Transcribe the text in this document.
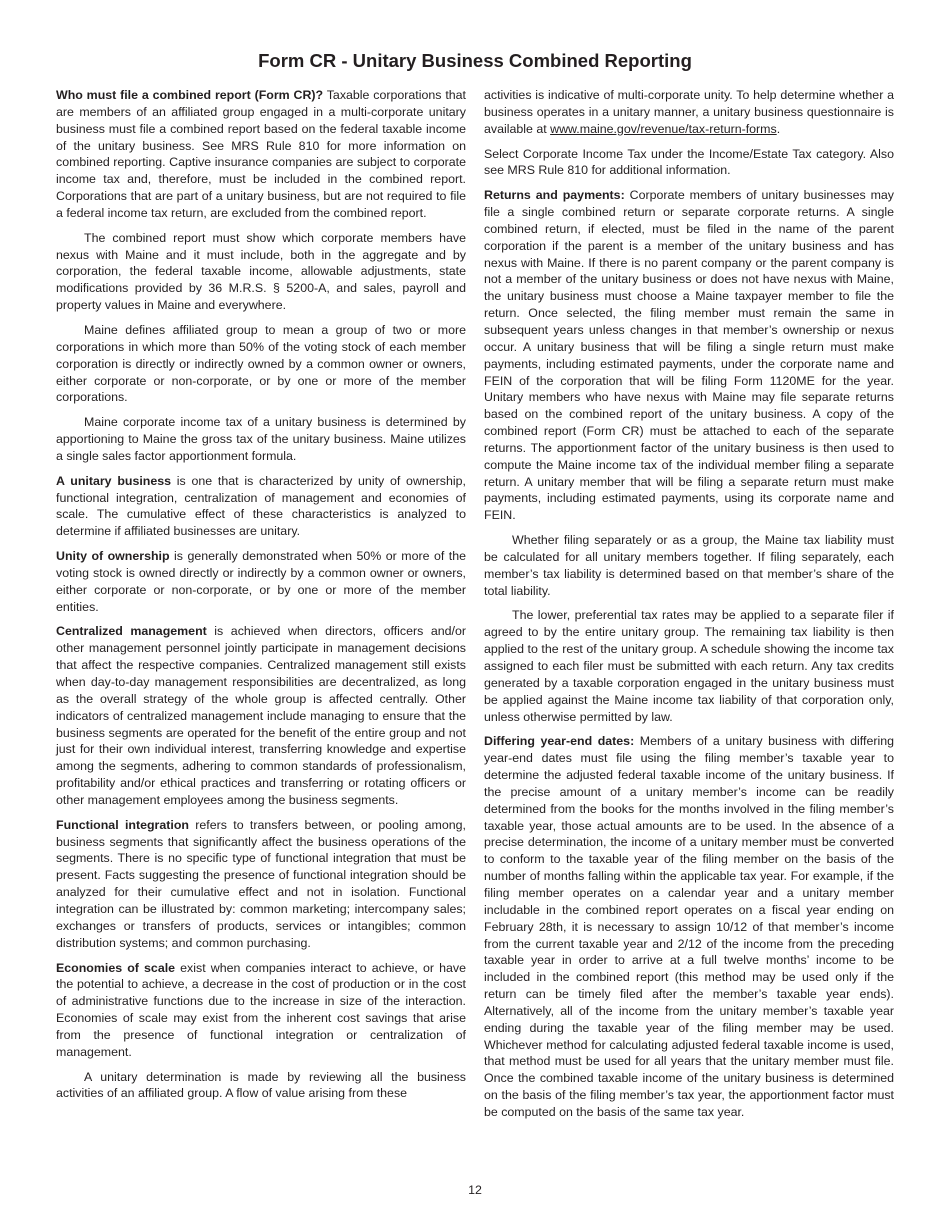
Form CR - Unitary Business Combined Reporting

Who must file a combined report (Form CR)? Taxable corporations that are members of an affiliated group engaged in a multi-corporate unitary business must file a combined report based on the federal taxable income of the unitary business. See MRS Rule 810 for more information on combined reporting. Captive insurance companies are subject to corporate income tax and, therefore, must be included in the combined report. Corporations that are part of a unitary business, but are not required to file a federal income tax return, are excluded from the combined report.

The combined report must show which corporate members have nexus with Maine and it must include, both in the aggregate and by corporation, the federal taxable income, allowable adjustments, state modifications provided by 36 M.R.S. § 5200-A, and sales, payroll and property values in Maine and everywhere.

Maine defines affiliated group to mean a group of two or more corporations in which more than 50% of the voting stock of each member corporation is directly or indirectly owned by a common owner or owners, either corporate or non-corporate, or by one or more of the member corporations.

Maine corporate income tax of a unitary business is determined by apportioning to Maine the gross tax of the unitary business. Maine utilizes a single sales factor apportionment formula.

A unitary business is one that is characterized by unity of ownership, functional integration, centralization of management and economies of scale. The cumulative effect of these characteristics is analyzed to determine if affiliated businesses are unitary.

Unity of ownership is generally demonstrated when 50% or more of the voting stock is owned directly or indirectly by a common owner or owners, either corporate or non-corporate, or by one or more of the member entities.

Centralized management is achieved when directors, officers and/or other management personnel jointly participate in management decisions that affect the respective companies. Centralized management still exists when day-to-day management responsibilities are decentralized, as long as the overall strategy of the whole group is affected centrally. Other indicators of centralized management include managing to ensure that the business segments are operated for the benefit of the entire group and not just for their own individual interest, transferring knowledge and expertise among the segments, adhering to common standards of professionalism, profitability and/or ethical practices and transferring or rotating officers or other management employees among the business segments.

Functional integration refers to transfers between, or pooling among, business segments that significantly affect the business operations of the segments. There is no specific type of functional integration that must be present. Facts suggesting the presence of functional integration should be analyzed for their cumulative effect and not in isolation. Functional integration can be illustrated by: common marketing; intercompany sales; exchanges or transfers of products, services or intangibles; common distribution systems; and common purchasing.

Economies of scale exist when companies interact to achieve, or have the potential to achieve, a decrease in the cost of production or in the cost of administrative functions due to the increase in size of the interaction. Economies of scale may exist from the inherent cost savings that arise from the presence of functional integration or centralization of management.

A unitary determination is made by reviewing all the business activities of an affiliated group. A flow of value arising from these

activities is indicative of multi-corporate unity. To help determine whether a business operates in a unitary manner, a unitary business questionnaire is available at www.maine.gov/revenue/tax-return-forms.

Select Corporate Income Tax under the Income/Estate Tax category. Also see MRS Rule 810 for additional information.

Returns and payments: Corporate members of unitary businesses may file a single combined return or separate corporate returns. A single combined return, if elected, must be filed in the name of the parent corporation if the parent is a member of the unitary business and has nexus with Maine. If there is no parent company or the parent company is not a member of the unitary business or does not have nexus with Maine, the unitary business must choose a Maine taxpayer member to file the return. Once selected, the filing member must remain the same in subsequent years unless changes in that member’s ownership or nexus occur. A unitary business that will be filing a single return must make payments, including estimated payments, under the corporate name and FEIN of the corporation that will be filing Form 1120ME for the year. Unitary members who have nexus with Maine may file separate returns based on the combined report of the unitary business. A copy of the combined report (Form CR) must be attached to each of the separate returns. The apportionment factor of the unitary business is then used to compute the Maine income tax of the individual member filing a separate return. A unitary member that will be filing a separate return must make payments, including estimated payments, using its corporate name and FEIN.

Whether filing separately or as a group, the Maine tax liability must be calculated for all unitary members together. If filing separately, each member’s tax liability is determined based on that member’s share of the total liability.

The lower, preferential tax rates may be applied to a separate filer if agreed to by the entire unitary group. The remaining tax liability is then applied to the rest of the unitary group. A schedule showing the income tax assigned to each filer must be submitted with each return. Any tax credits generated by a taxable corporation engaged in the unitary business must be applied against the Maine income tax liability of that corporation only, unless otherwise permitted by law.

Differing year-end dates: Members of a unitary business with differing year-end dates must file using the filing member’s taxable year to determine the adjusted federal taxable income of the unitary business. If the precise amount of a unitary member’s income can be readily determined from the books for the months involved in the filing member’s taxable year, those actual amounts are to be used. In the absence of a precise determination, the income of a unitary member must be converted to conform to the taxable year of the filing member on the basis of the number of months falling within the applicable tax year. For example, if the filing member operates on a calendar year and a unitary member includable in the combined report operates on a fiscal year ending on February 28th, it is necessary to assign 10/12 of that member’s income from the current taxable year and 2/12 of the income from the preceding taxable year in order to arrive at a full twelve months’ income to be included in the combined report (this method may be used only if the return can be timely filed after the member’s taxable year ends). Alternatively, all of the income from the unitary member’s taxable year ending during the taxable year of the filing member may be used. Whichever method for calculating adjusted federal taxable income is used, that method must be used for all years that the unitary member must file. Once the combined taxable income of the unitary business is determined on the basis of the filing member’s tax year, the apportionment factor must be computed on the basis of the same tax year.

12
